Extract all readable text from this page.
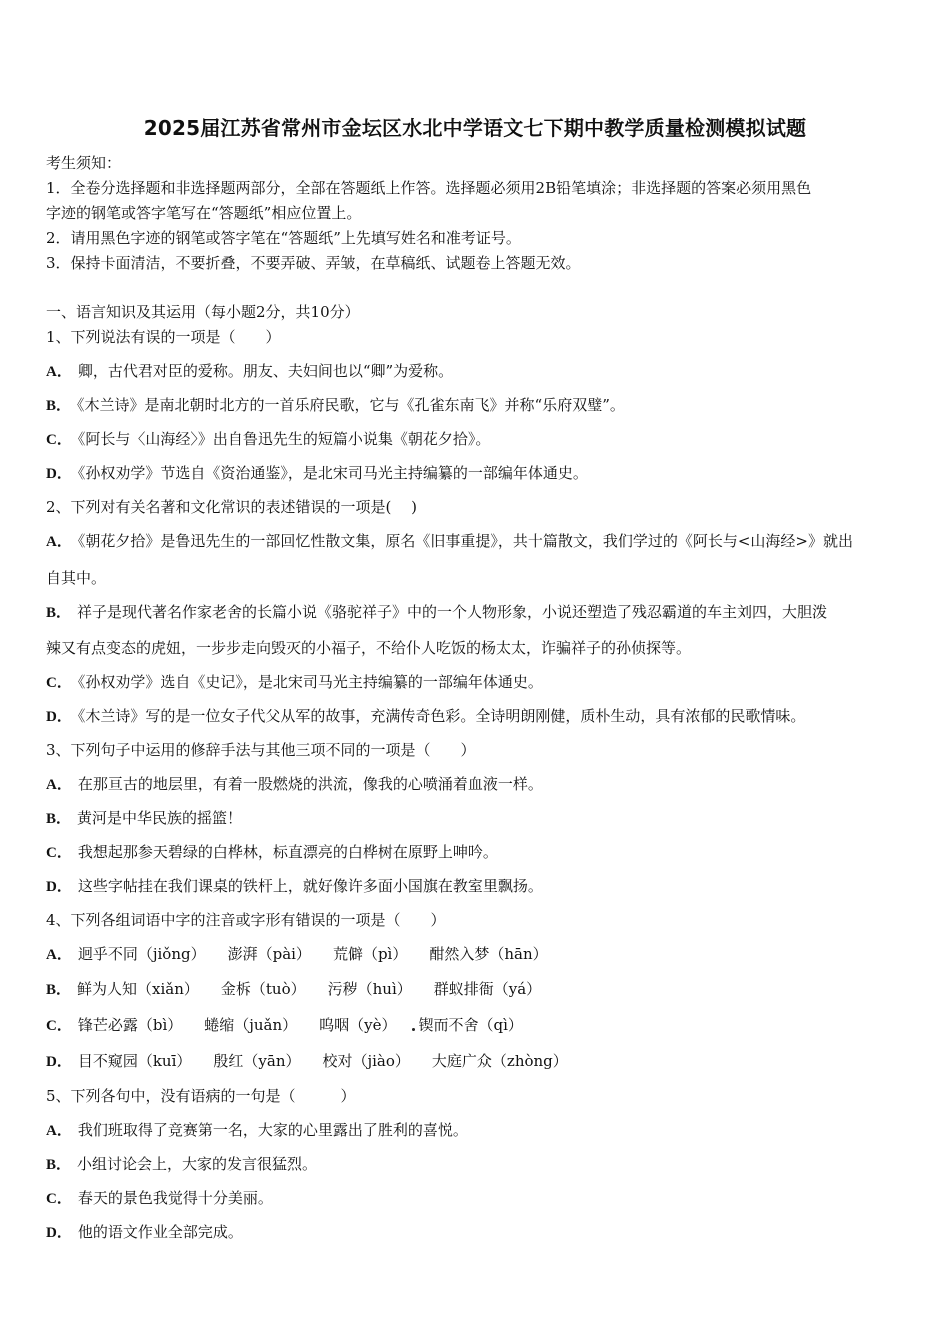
2025届江苏省常州市金坛区水北中学语文七下期中教学质量检测模拟试题
考生须知：
1．全卷分选择题和非选择题两部分，全部在答题纸上作答。选择题必须用2B铅笔填涂；非选择题的答案必须用黑色
字迹的钢笔或答字笔写在“答题纸”相应位置上。
2．请用黑色字迹的钢笔或答字笔在“答题纸”上先填写姓名和准考证号。
3．保持卡面清洁，不要折叠，不要弄破、弄皱，在草稿纸、试题卷上答题无效。
一、语言知识及其运用（每小题2分，共10分）
1、下列说法有误的一项是（　　）
A． 卿，古代君对臣的爱称。朋友、夫妇间也以“卿”为爱称。
B． 《木兰诗》是南北朝时北方的一首乐府民歌，它与《孔雀东南飞》并称“乐府双璧”。
C． 《阿长与〈山海经〉》出自鲁迅先生的短篇小说集《朝花夕拾》。
D． 《孙权劝学》节选自《资治通鉴》，是北宋司马光主持编纂的一部编年体通史。
2、下列对有关名著和文化常识的表述错误的一项是(　 )
A． 《朝花夕拾》是鲁迅先生的一部回忆性散文集，原名《旧事重提》，共十篇散文，我们学过的《阿长与<山海经>》就出
自其中。
B． 祥子是现代著名作家老舍的长篇小说《骆驼祥子》中的一个人物形象，小说还塑造了残忍霸道的车主刘四，大胆泼
辣又有点变态的虎妞，一步步走向毁灭的小福子，不给仆人吃饭的杨太太，诈骗祥子的孙侦探等。
C． 《孙权劝学》选自《史记》，是北宋司马光主持编纂的一部编年体通史。
D． 《木兰诗》写的是一位女子代父从军的故事，充满传奇色彩。全诗明朗刚健，质朴生动，具有浓郁的民歌情味。
3、下列句子中运用的修辞手法与其他三项不同的一项是（　　）
A． 在那亘古的地层里，有着一股燃烧的洪流，像我的心喷涌着血液一样。
B． 黄河是中华民族的摇篮！
C． 我想起那参天碧绿的白桦林，标直漂亮的白桦树在原野上呻吟。
D． 这些字帖挂在我们课桌的铁杆上，就好像许多面小国旗在教室里飘扬。
4、下列各组词语中字的注音或字形有错误的一项是（　　）
A． 迥乎不同（jiǒng） 澎湃（pài） 荒僻（pì） 酣然入梦（hān）
B． 鲜为人知（xiǎn） 金柝（tuò） 污秽（huì） 群蚁排衙（yá）
C． 锋芒必露（bì） 蜷缩（juǎn） 呜咽（yè） 锲而不舍（qì）
D． 目不窥园（kuī） 殷红（yān） 校对（jiào） 大庭广众（zhòng）
5、下列各句中，没有语病的一句是（　　　）
A． 我们班取得了竞赛第一名，大家的心里露出了胜利的喜悦。
B． 小组讨论会上，大家的发言很猛烈。
C． 春天的景色我觉得十分美丽。
D． 他的语文作业全部完成。
